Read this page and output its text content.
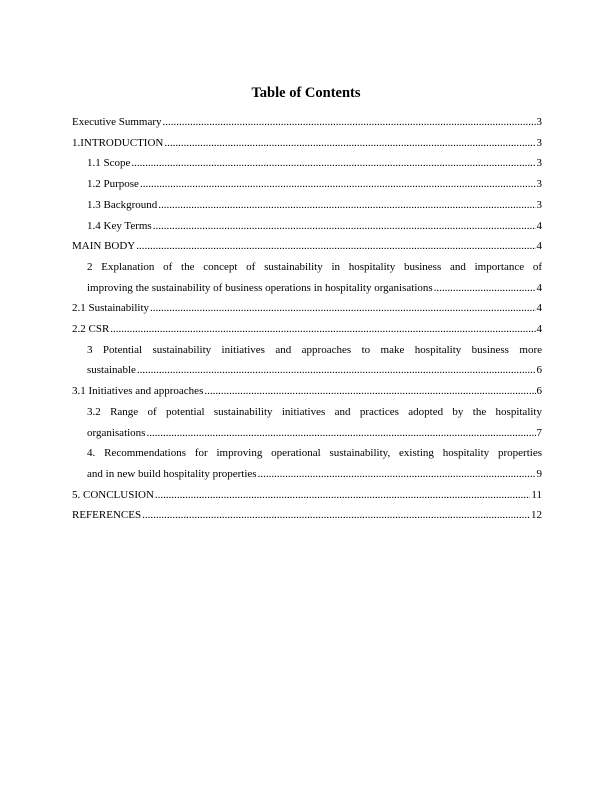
Table of Contents
Executive Summary .....	3
1.INTRODUCTION .....	3
1.1 Scope .....	3
1.2 Purpose .....	3
1.3 Background .....	3
1.4 Key Terms .....	4
MAIN BODY .....	4
2 Explanation of the concept of sustainability in hospitality business and importance of
improving the sustainability of business operations in hospitality organisations .....	4
2.1 Sustainability .....	4
2.2 CSR .....	4
3 Potential sustainability initiatives and approaches to make hospitality business more
sustainable .....	6
3.1 Initiatives and approaches .....	6
3.2 Range of potential sustainability initiatives and practices adopted by the hospitality
organisations .....	7
4. Recommendations for improving operational sustainability, existing hospitality properties
and in new build hospitality properties .....	9
5. CONCLUSION .....	11
REFERENCES .....	12
